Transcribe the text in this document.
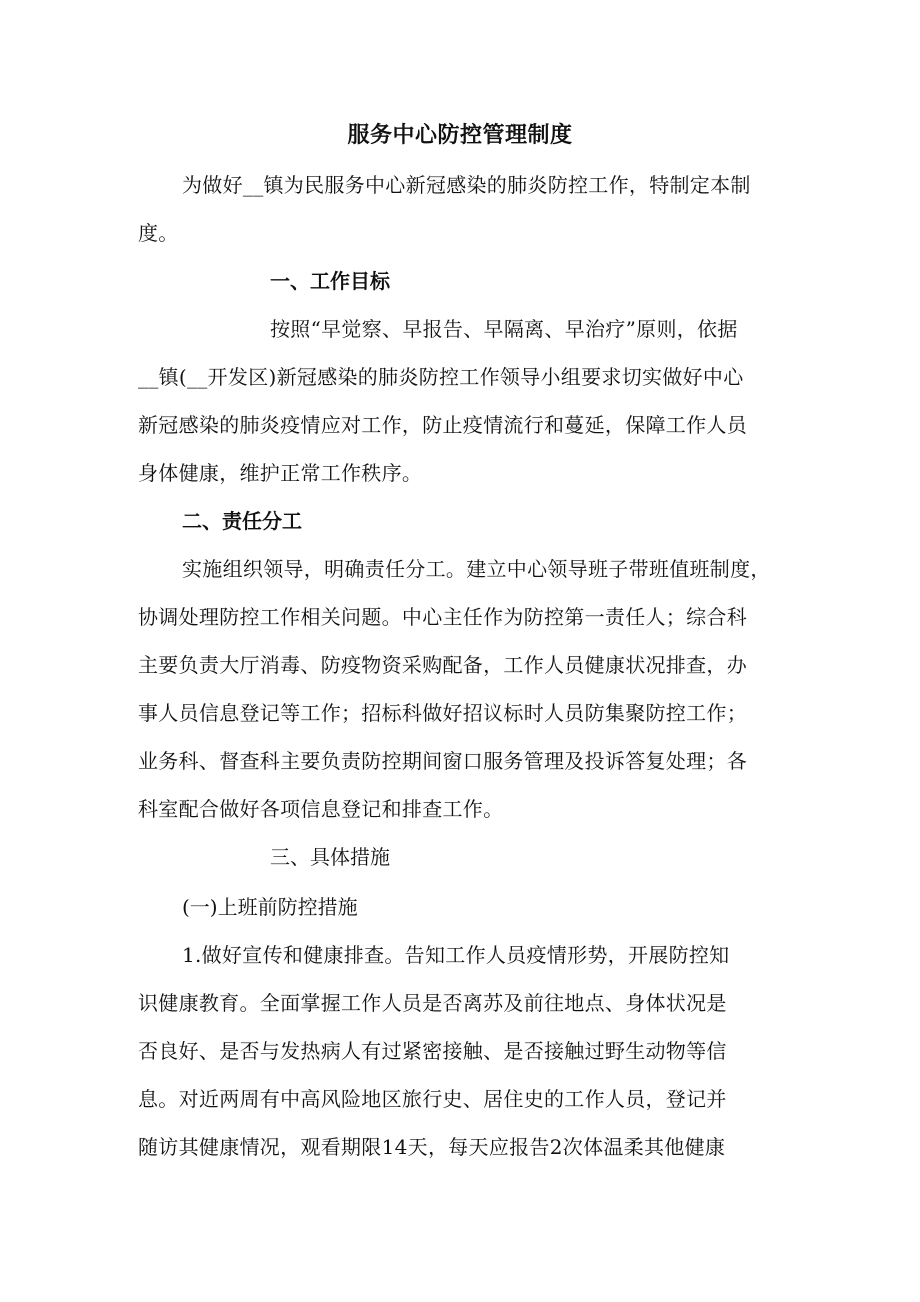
服务中心防控管理制度
为做好__镇为民服务中心新冠感染的肺炎防控工作，特制定本制
度。
一、工作目标
按照“早觉察、早报告、早隔离、早治疗”原则，依据
__镇(__开发区)新冠感染的肺炎防控工作领导小组要求切实做好中心
新冠感染的肺炎疫情应对工作，防止疫情流行和蔓延，保障工作人员
身体健康，维护正常工作秩序。
二、责任分工
实施组织领导，明确责任分工。建立中心领导班子带班值班制度，
协调处理防控工作相关问题。中心主任作为防控第一责任人；综合科
主要负责大厅消毒、防疫物资采购配备，工作人员健康状况排查，办
事人员信息登记等工作；招标科做好招议标时人员防集聚防控工作；
业务科、督查科主要负责防控期间窗口服务管理及投诉答复处理；各
科室配合做好各项信息登记和排查工作。
三、具体措施
(一)上班前防控措施
1.做好宣传和健康排查。告知工作人员疫情形势，开展防控知
识健康教育。全面掌握工作人员是否离苏及前往地点、身体状况是
否良好、是否与发热病人有过紧密接触、是否接触过野生动物等信
息。对近两周有中高风险地区旅行史、居住史的工作人员，登记并
随访其健康情况，观看期限14天，每天应报告2次体温柔其他健康
